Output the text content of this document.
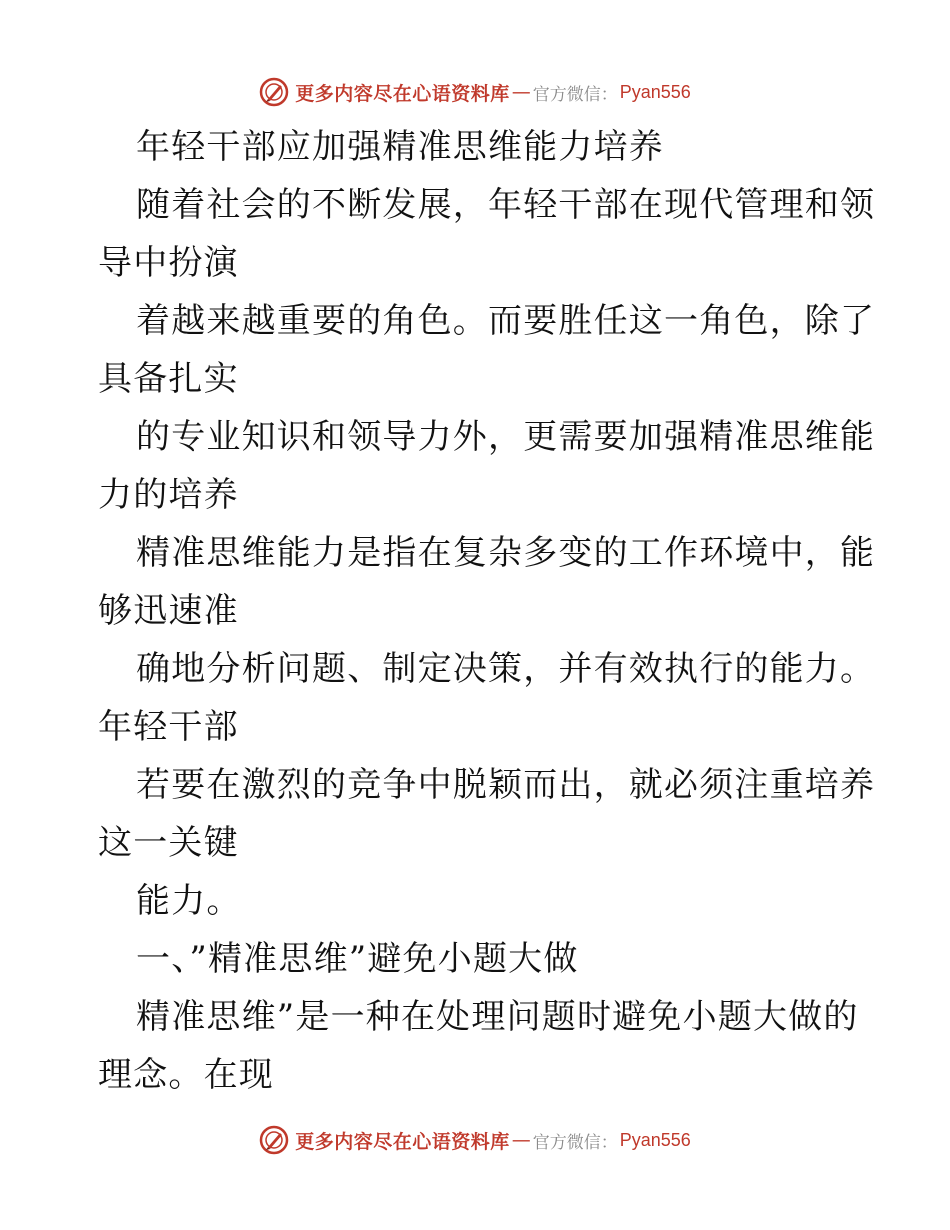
更多内容尽在心语资料库 — 官方微信： Pyan556
年轻干部应加强精准思维能力培养
随着社会的不断发展，年轻干部在现代管理和领
导中扮演
着越来越重要的角色。而要胜任这一角色，除了
具备扎实
的专业知识和领导力外，更需要加强精准思维能
力的培养
精准思维能力是指在复杂多变的工作环境中，能
够迅速准
确地分析问题、制定决策，并有效执行的能力。
年轻干部
若要在激烈的竞争中脱颖而出，就必须注重培养
这一关键
能力。
一、”精准思维”避免小题大做
精准思维”是一种在处理问题时避免小题大做的
理念。在现
更多内容尽在心语资料库 — 官方微信： Pyan556
